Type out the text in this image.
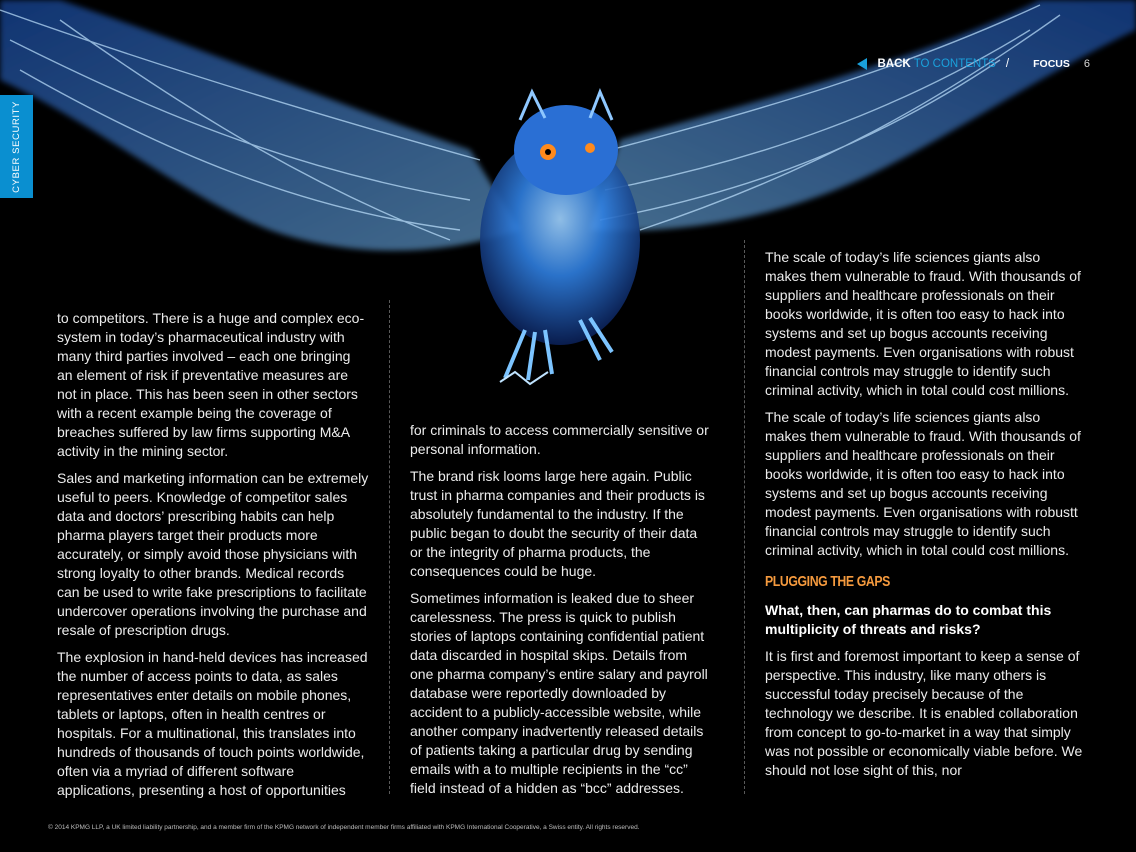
CYBER SECURITY
BACK TO CONTENTS / FOCUS 6

to competitors. There is a huge and complex eco-system in today’s pharmaceutical industry with many third parties involved – each one bringing an element of risk if preventative measures are not in place. This has been seen in other sectors with a recent example being the coverage of breaches suffered by law firms supporting M&A activity in the mining sector.

Sales and marketing information can be extremely useful to peers. Knowledge of competitor sales data and doctors’ prescribing habits can help pharma players target their products more accurately, or simply avoid those physicians with strong loyalty to other brands. Medical records can be used to write fake prescriptions to facilitate undercover operations involving the purchase and resale of prescription drugs.

The explosion in hand-held devices has increased the number of access points to data, as sales representatives enter details on mobile phones, tablets or laptops, often in health centres or hospitals. For a multinational, this translates into hundreds of thousands of touch points worldwide, often via a myriad of different software applications, presenting a host of opportunities

for criminals to access commercially sensitive or personal information.

The brand risk looms large here again. Public trust in pharma companies and their products is absolutely fundamental to the industry. If the public began to doubt the security of their data or the integrity of pharma products, the consequences could be huge.

Sometimes information is leaked due to sheer carelessness. The press is quick to publish stories of laptops containing confidential patient data discarded in hospital skips. Details from one pharma company’s entire salary and payroll database were reportedly downloaded by accident to a publicly-accessible website, while another company inadvertently released details of patients taking a particular drug by sending emails with a to multiple recipients in the “cc” field instead of a hidden as “bcc” addresses.

The scale of today’s life sciences giants also makes them vulnerable to fraud. With thousands of suppliers and healthcare professionals on their books worldwide, it is often too easy to hack into systems and set up bogus accounts receiving modest payments. Even organisations with robust financial controls may struggle to identify such criminal activity, which in total could cost millions.

The scale of today’s life sciences giants also makes them vulnerable to fraud. With thousands of suppliers and healthcare professionals on their books worldwide, it is often too easy to hack into systems and set up bogus accounts receiving modest payments. Even organisations with robustt financial controls may struggle to identify such criminal activity, which in total could cost millions.

PLUGGING THE GAPS

What, then, can pharmas do to combat this multiplicity of threats and risks?

It is first and foremost important to keep a sense of perspective. This industry, like many others is successful today precisely because of the technology we describe. It is enabled collaboration from concept to go-to-market in a way that simply was not possible or economically viable before. We should not lose sight of this, nor

© 2014 KPMG LLP, a UK limited liability partnership, and a member firm of the KPMG network of independent member firms affiliated with KPMG International Cooperative, a Swiss entity. All rights reserved.
